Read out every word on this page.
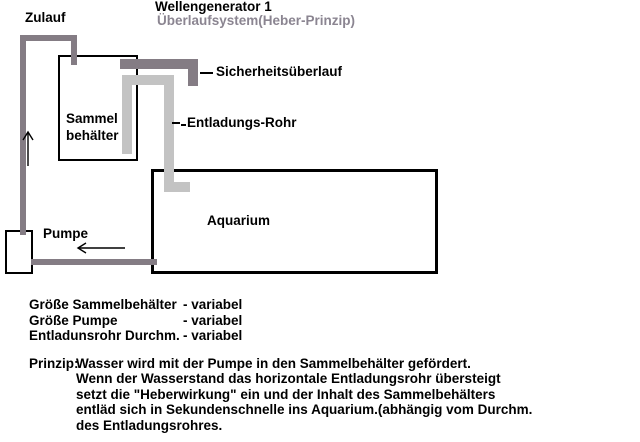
Wellengenerator 1
Überlaufsystem(Heber-Prinzip)
Zulauf
Sicherheitsüberlauf
Entladungs-Rohr
Sammel
behälter
Aquarium
Pumpe
Größe Sammelbehälter - variabel
Größe Pumpe	- variabel
Entladunsrohr Durchm. - variabel
Prinzip:Wasser wird mit der Pumpe in den Sammelbehälter gefördert.
Wenn der Wasserstand das horizontale Entladungsrohr übersteigt
setzt die "Heberwirkung" ein und der Inhalt des Sammelbehälters
entläd sich in Sekundenschnelle ins Aquarium.(abhängig vom Durchm.
des Entladungsrohres.
